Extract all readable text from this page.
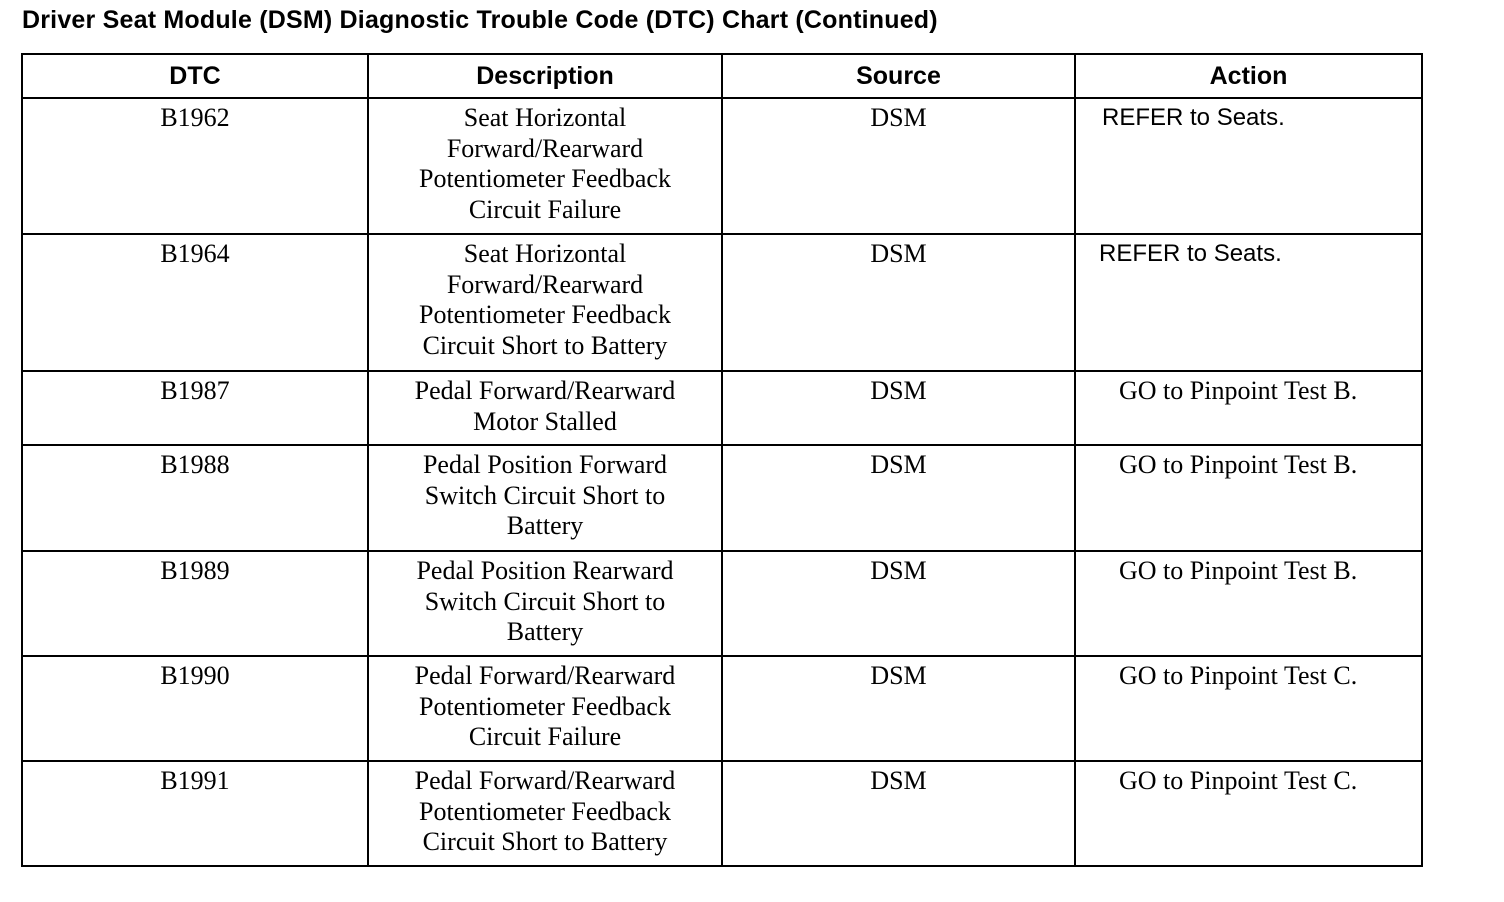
Driver Seat Module (DSM) Diagnostic Trouble Code (DTC) Chart (Continued)
DTC	Description	Source	Action
B1962	Seat Horizontal
Forward/Rearward
Potentiometer Feedback
Circuit Failure	DSM	REFER to Seats.

B1964	Seat Horizontal
Forward/Rearward
Potentiometer Feedback
Circuit Short to Battery	DSM	REFER to Seats.

B1987	Pedal Forward/Rearward
Motor Stalled	DSM	GO to Pinpoint Test B.

B1988	Pedal Position Forward
Switch Circuit Short to
Battery	DSM	GO to Pinpoint Test B.

B1989	Pedal Position Rearward
Switch Circuit Short to
Battery	DSM	GO to Pinpoint Test B.

B1990	Pedal Forward/Rearward
Potentiometer Feedback
Circuit Failure	DSM	GO to Pinpoint Test C.

B1991	Pedal Forward/Rearward
Potentiometer Feedback
Circuit Short to Battery	DSM	GO to Pinpoint Test C.
